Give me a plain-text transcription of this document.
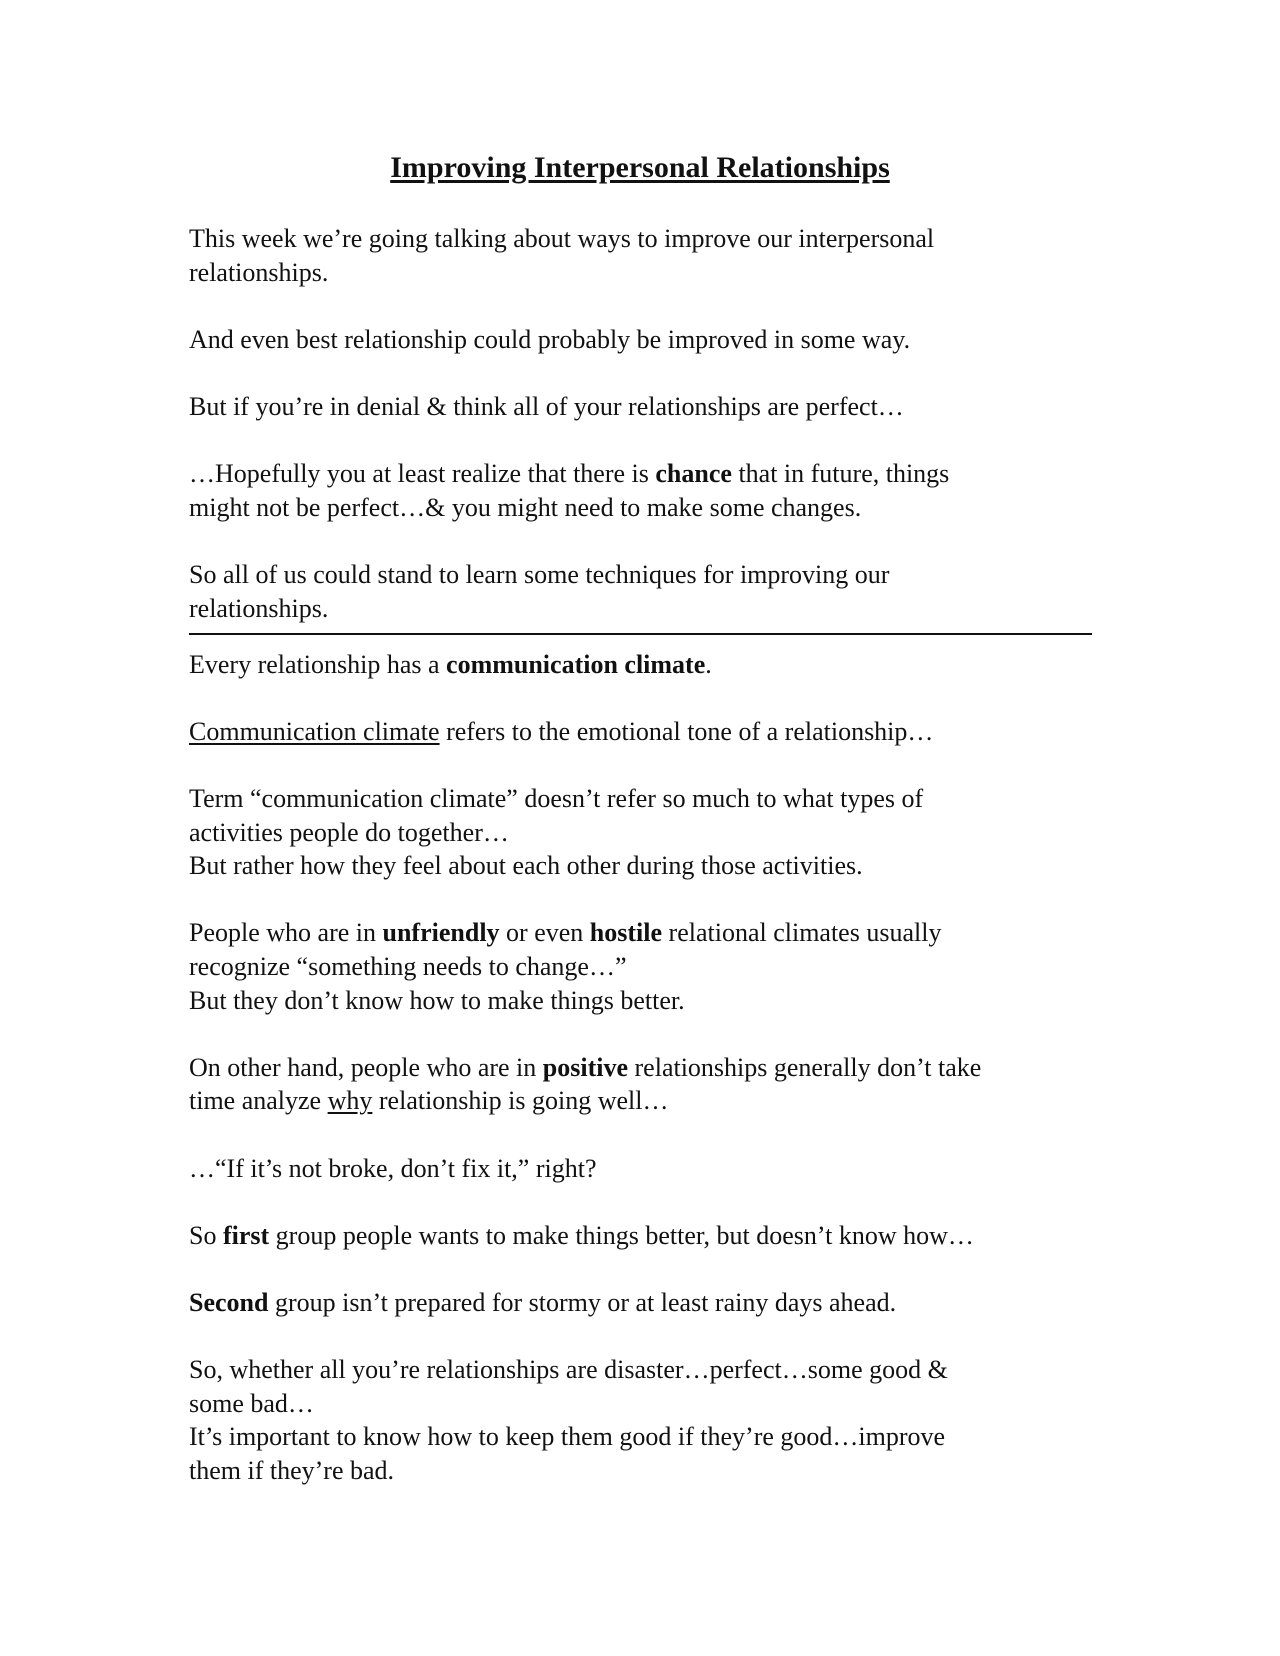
Improving Interpersonal Relationships

This week we’re going talking about ways to improve our interpersonal
relationships.

And even best relationship could probably be improved in some way.

But if you’re in denial & think all of your relationships are perfect…

…Hopefully you at least realize that there is chance that in future, things
might not be perfect…& you might need to make some changes.

So all of us could stand to learn some techniques for improving our
relationships.

Every relationship has a communication climate.

Communication climate refers to the emotional tone of a relationship…

Term “communication climate” doesn’t refer so much to what types of
activities people do together…
But rather how they feel about each other during those activities.

People who are in unfriendly or even hostile relational climates usually
recognize “something needs to change…”
But they don’t know how to make things better.

On other hand, people who are in positive relationships generally don’t take
time analyze why relationship is going well…

…“If it’s not broke, don’t fix it,” right?

So first group people wants to make things better, but doesn’t know how…

Second group isn’t prepared for stormy or at least rainy days ahead.

So, whether all you’re relationships are disaster…perfect…some good &
some bad…
It’s important to know how to keep them good if they’re good…improve
them if they’re bad.
